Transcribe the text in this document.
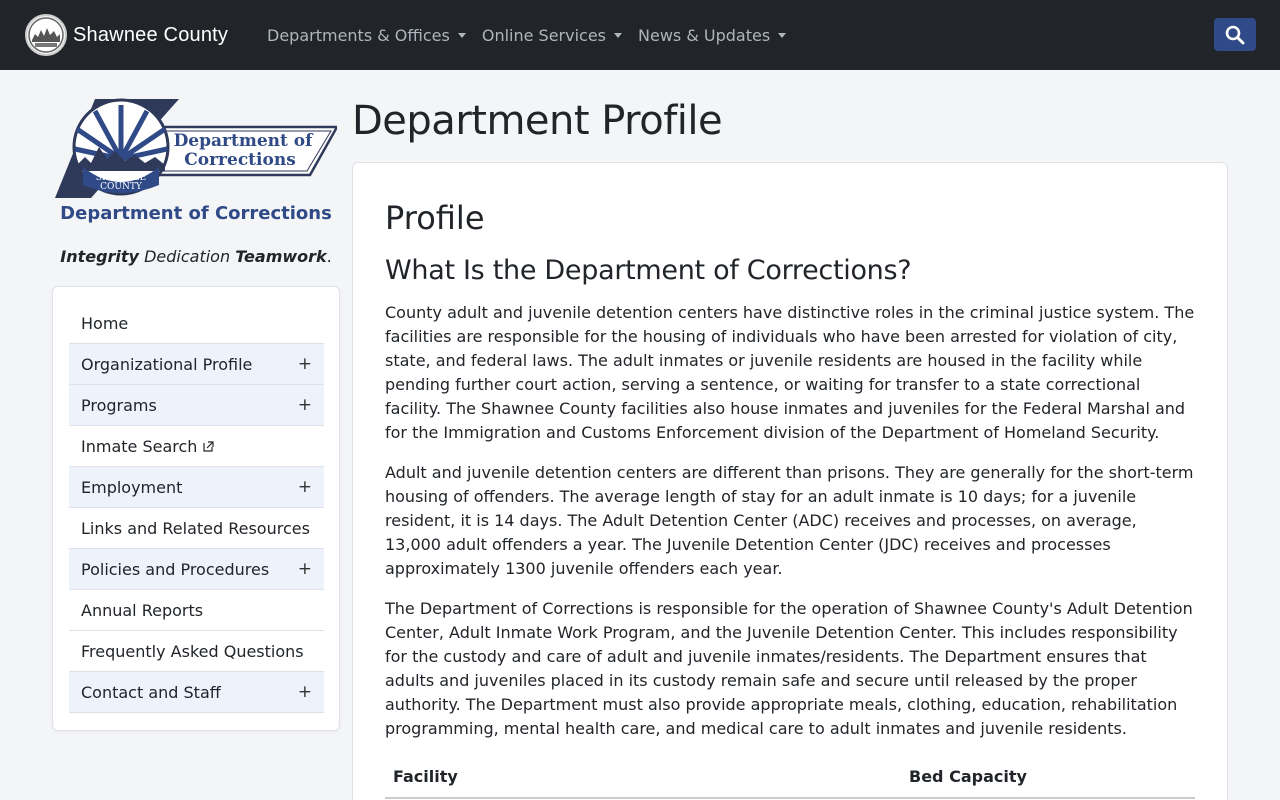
Shawnee County Departments & Offices Online Services News & Updates
SHAWNEE
COUNTY
Department of
Corrections
Department of Corrections
Integrity Dedication Teamwork.
Home
Organizational Profile	+
Programs	+
Inmate Search
Employment	+
Links and Related Resources
Policies and Procedures +
Annual Reports
Frequently Asked Questions
Contact and Staff	+
Department Profile
Profile
What Is the Department of Corrections?

County adult and juvenile detention centers have distinctive roles in the criminal justice system. The facilities are responsible for the housing of individuals who have been arrested for violation of city, state, and federal laws. The adult inmates or juvenile residents are housed in the facility while pending further court action, serving a sentence, or waiting for transfer to a state correctional facility. The Shawnee County facilities also house inmates and juveniles for the Federal Marshal and for the Immigration and Customs Enforcement division of the Department of Homeland Security.

Adult and juvenile detention centers are different than prisons. They are generally for the short-term housing of offenders. The average length of stay for an adult inmate is 10 days; for a juvenile resident, it is 14 days. The Adult Detention Center (ADC) receives and processes, on average, 13,000 adult offenders a year. The Juvenile Detention Center (JDC) receives and processes approximately 1300 juvenile offenders each year.

The Department of Corrections is responsible for the operation of Shawnee County's Adult Detention Center, Adult Inmate Work Program, and the Juvenile Detention Center. This includes responsibility for the custody and care of adult and juvenile inmates/residents. The Department ensures that adults and juveniles placed in its custody remain safe and secure until released by the proper authority. The Department must also provide appropriate meals, clothing, education, rehabilitation programming, mental health care, and medical care to adult inmates and juvenile residents.

Facility	Bed Capacity
